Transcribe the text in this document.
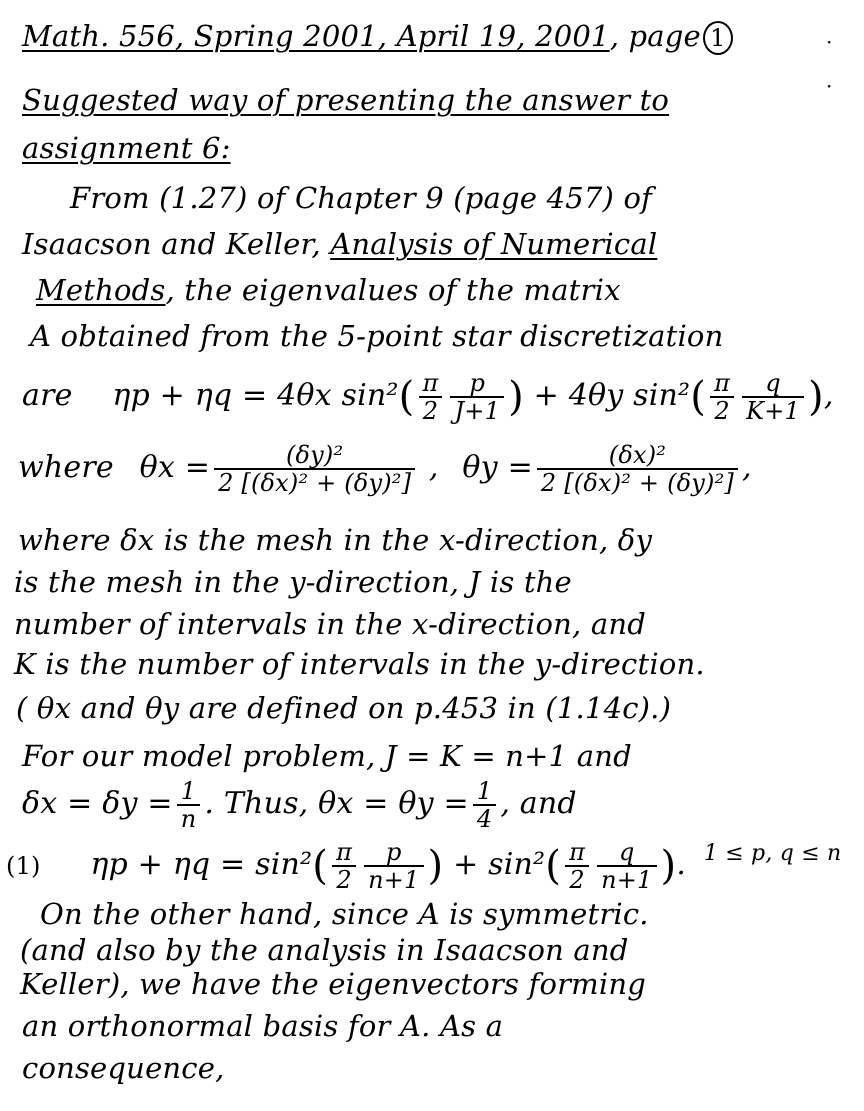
·
·
Math. 556, Spring 2001, April 19, 2001, page 1
Suggested way of presenting the answer to
assignment 6:
From (1.27) of Chapter 9 (page 457) of
Isaacson and Keller, Analysis of Numerical
Methods, the eigenvalues of the matrix
A obtained from the 5-point star discretization
are ηp + ηq = 4θx $\sin^2( \frac{\pi}{2} \frac{p}{J+1}$ ) + 4θy $\sin^2( \frac{\pi}{2} \frac{q}{K+1}$ ),
where $\theta x = \frac{\text{(δy)²}}{\text{2 [(δx)² + (δy)²]}}$ , $\theta y = \frac{\text{(δx)²}}{\text{2 [(δx)² + (δy)²]}}$ ,
where δx is the mesh in the x-direction, δy
is the mesh in the y-direction, J is the
number of intervals in the x-direction, and
K is the number of intervals in the y-direction.
( θx and θy are defined on p.453 in (1.14c).)
For our model problem, J = K = n+1 and
$\delta x = \delta y = \frac{1}{n}$ . Thus, $\theta x = \theta y = \frac{1}{4}$ , and
(1) $\eta p + \eta q = \sin^2( \frac{\pi}{2} \frac{p}{n+1}$ ) + $\sin^2( \frac{\pi}{2} \frac{q}{n+1}$ ). $^{1 \le p, q \le n}$
On the other hand, since A is symmetric.
(and also by the analysis in Isaacson and
Keller), we have the eigenvectors forming
an orthonormal basis for A. As a
consequence,
